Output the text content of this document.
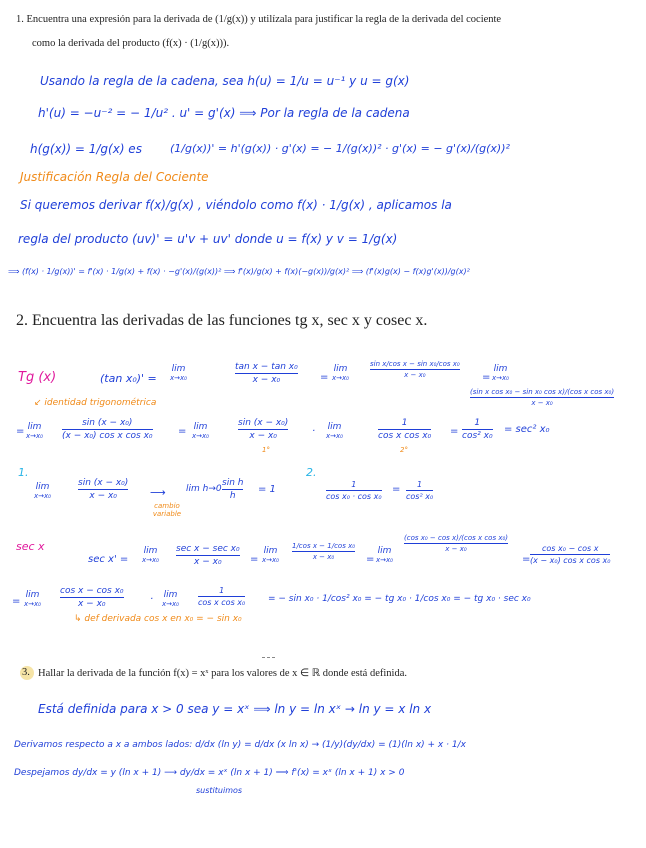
1. Encuentra una expresión para la derivada de (1/g(x)) y utilízala para justificar la regla de la derivada del cociente
como la derivada del producto (f(x) · (1/g(x))).
Usando la regla de la cadena, sea h(u) = 1/u = u⁻¹ y u = g(x)
h'(u) = −u⁻² = − 1/u² . u' = g'(x) ⟹ Por la regla de la cadena
h(g(x)) = 1/g(x) es	(1/g(x))' = h'(g(x)) · g'(x) = − 1/(g(x))² · g'(x) = − g'(x)/(g(x))²
Justificación Regla del Cociente
Si queremos derivar f(x)/g(x) , viéndolo como f(x) · 1/g(x) , aplicamos la
regla del producto (uv)' = u'v + uv' donde u = f(x) y v = 1/g(x)
⟹ (f(x) · 1/g(x))' = f'(x) · 1/g(x) + f(x) · −g'(x)/(g(x))² ⟹ f'(x)/g(x) + f(x)(−g(x))/g(x)² ⟹ (f'(x)g(x) − f(x)g'(x))/g(x)²
2. Encuentra las derivadas de las funciones tg x, sec x y cosec x.
Tg (x)	(tan x₀)' =
lim
x→x₀
tan x − tan x₀
x − x₀	=
lim
x→x₀
sin x/cos x − sin x₀/cos x₀
x − x₀	=
lim
x→x₀
(sin x cos x₀ − sin x₀ cos x)/(cos x cos x₀)
x − x₀
↙ identidad trigonométrica
= lim
x→x₀
sin (x − x₀)
(x − x₀) cos x cos x₀	= lim
x→x₀
sin (x − x₀)
x − x₀	· lim
x→x₀
1
cos x cos x₀ =
1
cos² x₀
= sec² x₀
1°	2°
1.
lim
x→x₀
sin (x − x₀)
x − x₀	⟶
cambio variable
lim h→0
sin h
h
= 1
2.
1
cos x₀ · cos x₀
=	1
cos² x₀
sec x
sec x' =
lim
x→x₀
sec x − sec x₀
x − x₀	=
lim
x→x₀
1/cos x − 1/cos x₀
x − x₀	=
lim
x→x₀
(cos x₀ − cos x)/(cos x cos x₀)
x − x₀
=
cos x₀ − cos x
(x − x₀) cos x cos x₀
=
lim
x→x₀
cos x − cos x₀
x − x₀	· lim
x→x₀
1
cos x cos x₀	= − sin x₀ · 1/cos² x₀ = − tg x₀ · 1/cos x₀ = − tg x₀ · sec x₀
↳ def derivada cos x en x₀ = − sin x₀
3. Hallar la derivada de la función f(x) = xˣ para los valores de x ∈ ℝ donde está definida.
Está definida para x > 0 sea y = xˣ ⟹ ln y = ln xˣ → ln y = x ln x
Derivamos respecto a x a ambos lados: d/dx (ln y) = d/dx (x ln x) → (1/y)(dy/dx) = (1)(ln x) + x · 1/x
Despejamos dy/dx = y (ln x + 1) ⟶ dy/dx = xˣ (ln x + 1) ⟹ f'(x) = xˣ (ln x + 1) x > 0
sustituimos
